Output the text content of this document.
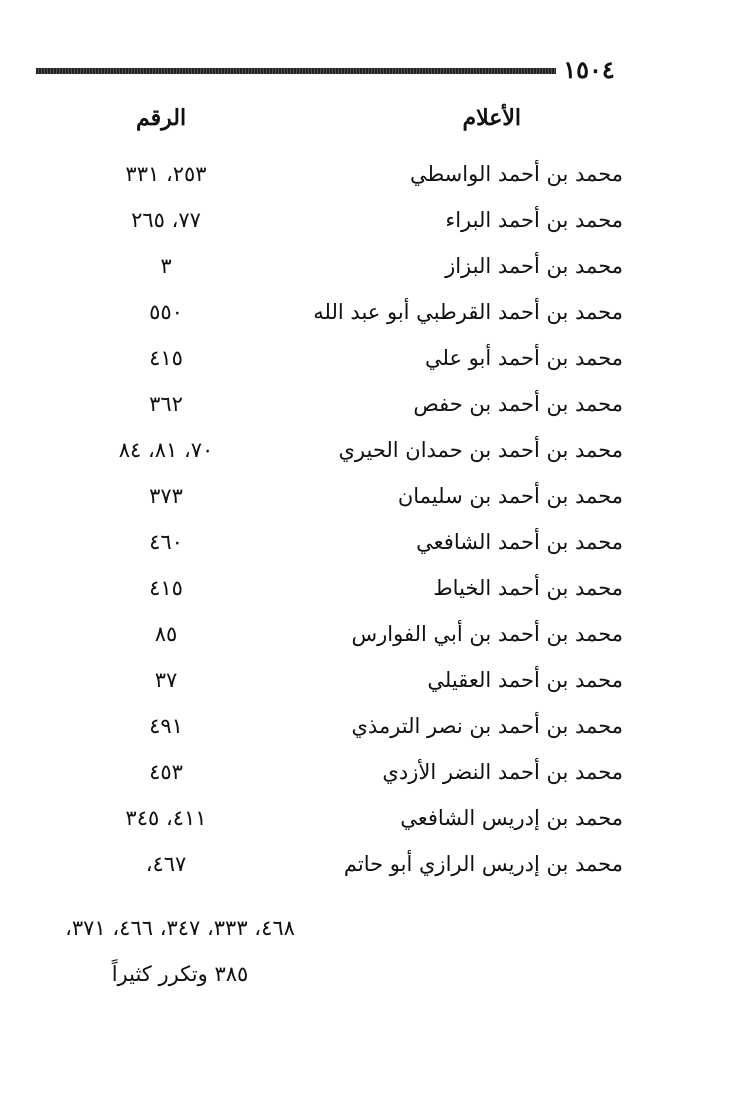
١٥٠٤
الأعلام
الرقم
محمد بن أحمد الواسطي
٢٥٣، ٣٣١
محمد بن أحمد البراء
٧٧، ٢٦٥
محمد بن أحمد البزاز
٣
محمد بن أحمد القرطبي أبو عبد الله
٥٥٠
محمد بن أحمد أبو علي
٤١٥
محمد بن أحمد بن حفص
٣٦٢
محمد بن أحمد بن حمدان الحيري
٧٠، ٨١، ٨٤
محمد بن أحمد بن سليمان
٣٧٣
محمد بن أحمد الشافعي
٤٦٠
محمد بن أحمد الخياط
٤١٥
محمد بن أحمد بن أبي الفوارس
٨٥
محمد بن أحمد العقيلي
٣٧
محمد بن أحمد بن نصر الترمذي
٤٩١
محمد بن أحمد النضر الأزدي
٤٥٣
محمد بن إدريس الشافعي
٤١١، ٣٤٥
محمد بن إدريس الرازي أبو حاتم
٤٦٧،
٤٦٨، ٣٣٣، ٣٤٧، ٤٦٦، ٣٧١،
٣٨٥ وتكرر كثيراً
